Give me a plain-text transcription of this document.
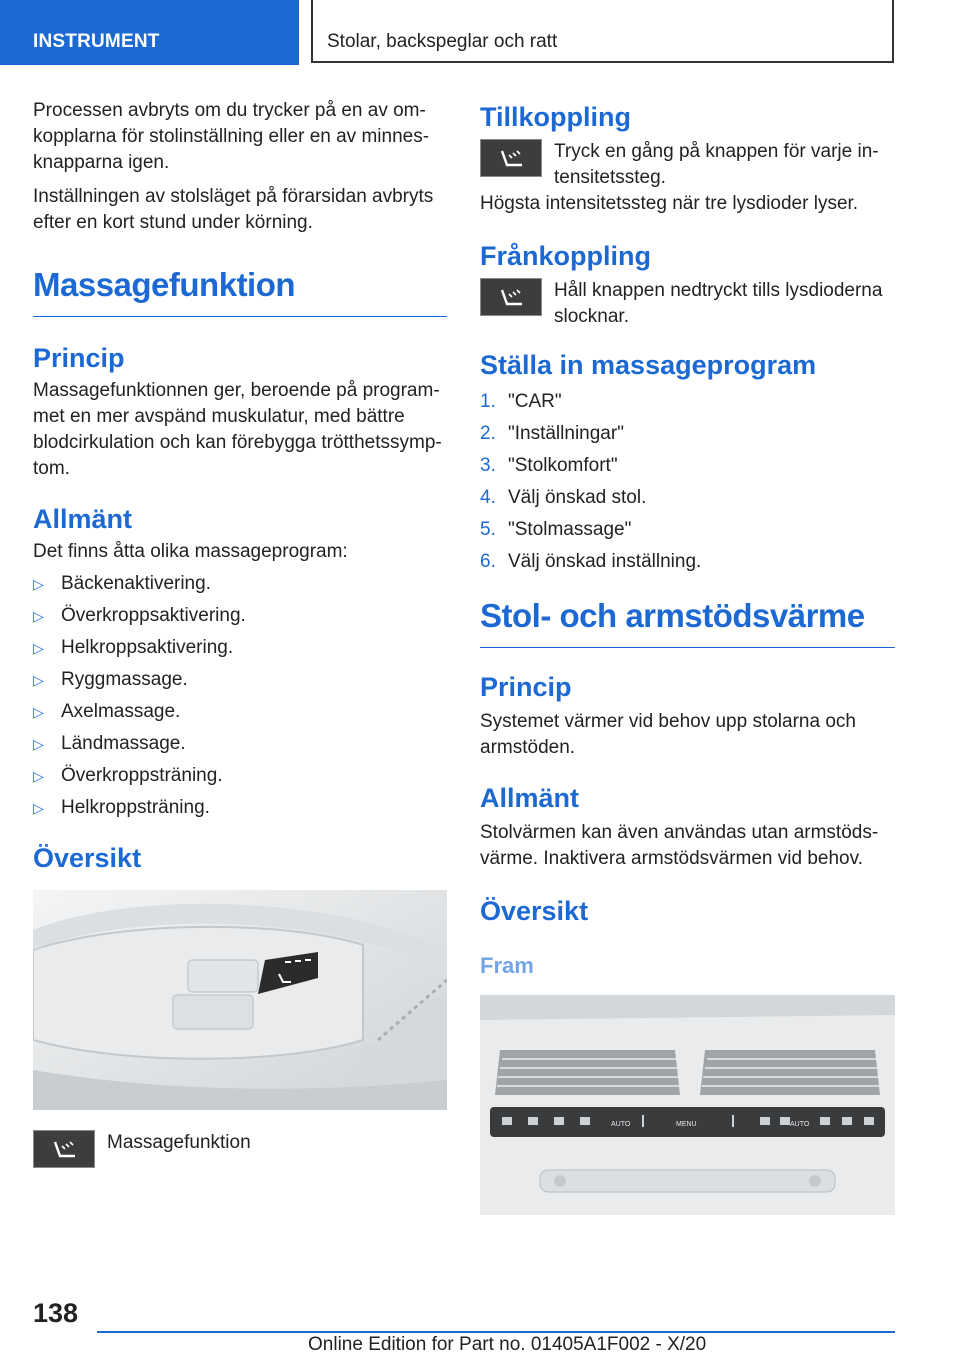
INSTRUMENT	Stolar, backspeglar och ratt

Processen avbryts om du trycker på en av omkopplarna för stolinställning eller en av minnesknapparna igen.

Inställningen av stolsläget på förarsidan avbryts efter en kort stund under körning.

Massagefunktion
Princip

Massagefunktionnen ger, beroende på programmet en mer avspänd muskulatur, med bättre blodcirkulation och kan förebygga trötthetssymptom.

Allmänt

Det finns åtta olika massageprogram:

▷ Bäckenaktivering.
▷ Överkroppsaktivering.
▷ Helkroppsaktivering.
▷ Ryggmassage.
▷ Axelmassage.
▷ Ländmassage.
▷ Överkroppsträning.
▷ Helkroppsträning.
Översikt

Massagefunktion

Tillkoppling

Tryck en gång på knappen för varje intensitetssteg.

Högsta intensitetssteg när tre lysdioder lyser.

Frånkoppling

Håll knappen nedtryckt tills lysdioderna slocknar.

Ställa in massageprogram
1. "CAR"
2. "Inställningar"
3. "Stolkomfort"
4. Välj önskad stol.
5. "Stolmassage"
6. Välj önskad inställning.
Stol- och armstödsvärme
Princip

Systemet värmer vid behov upp stolarna och armstöden.

Allmänt

Stolvärmen kan även användas utan armstödsvärme. Inaktivera armstödsvärmen vid behov.

Översikt
Fram
AUTO	MENU	AUTO
138
Online Edition for Part no. 01405A1F002 - X/20
